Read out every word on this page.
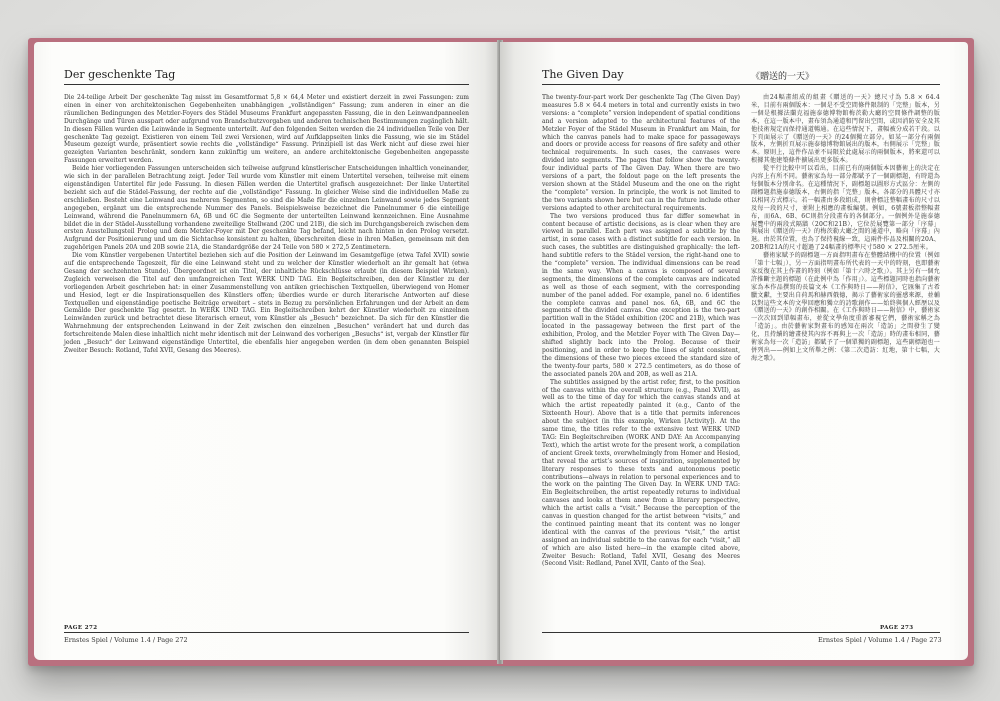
Der geschenkte Tag

Die 24-teilige Arbeit Der geschenkte Tag misst im Gesamtformat 5,8 × 64,4 Meter und existiert derzeit in zwei Fassungen: zum einen in einer von architektonischen Gegebenheiten unabhängigen „vollständigen“ Fassung; zum anderen in einer an die räumlichen Bedingungen des Metzler-Foyers des Städel Museums Frankfurt angepassten Fassung, die in den Leinwandpanneelen Durchgänge und Türen ausspart oder aufgrund von Brandschutzvorgaben und anderen technischen Bestimmungen zugänglich hält. In diesen Fällen wurden die Leinwände in Segmente unterteilt. Auf den folgenden Seiten werden die 24 individuellen Teile von Der geschenkte Tag gezeigt. Existieren von einem Teil zwei Versionen, wird auf Aufklappseiten links die Fassung, wie sie im Städel Museum gezeigt wurde, präsentiert sowie rechts die „vollständige“ Fassung. Prinzipiell ist das Werk nicht auf diese zwei hier gezeigten Varianten beschränkt, sondern kann zukünftig um weitere, an andere architektonische Gegebenheiten angepasste Fassungen erweitert werden.

Beide hier vorliegenden Fassungen unterscheiden sich teilweise aufgrund künstlerischer Entscheidungen inhaltlich voneinander, wie sich in der parallelen Betrachtung zeigt. Jeder Teil wurde vom Künstler mit einem Untertitel versehen, teilweise mit einem eigenständigen Untertitel für jede Fassung. In diesen Fällen werden die Untertitel grafisch ausgezeichnet: Der linke Untertitel bezieht sich auf die Städel-Fassung, der rechte auf die „vollständige“ Fassung. In gleicher Weise sind die individuellen Maße zu erschließen. Besteht eine Leinwand aus mehreren Segmenten, so sind die Maße für die einzelnen Leinwand sowie jedes Segment angegeben, ergänzt um die entsprechende Nummer des Panels. Beispielsweise bezeichnet die Panelnummer 6 die einteilige Leinwand, während die Panelnummern 6A, 6B und 6C die Segmente der unterteilten Leinwand kennzeichnen. Eine Ausnahme bildet die in der Städel-Ausstellung vorhandene zweiteilige Stellwand (20C und 21B), die sich im Durchgangsbereich zwischen dem ersten Ausstellungsteil Prolog und dem Metzler-Foyer mit Der geschenkte Tag befand, leicht nach hinten in den Prolog versetzt. Aufgrund der Positionierung und um die Sichtachse konsistent zu halten, überschreiten diese in ihren Maßen, gemeinsam mit den zugehörigen Panels 20A und 20B sowie 21A, die Standardgröße der 24 Teile von 580 × 272,5 Zentimetern.

Die vom Künstler vergebenen Untertitel beziehen sich auf die Position der Leinwand im Gesamtgefüge (etwa Tafel XVII) sowie auf die entsprechende Tageszeit, für die eine Leinwand steht und zu welcher der Künstler wiederholt an ihr gemalt hat (etwa Gesang der sechzehnten Stunde). Übergeordnet ist ein Titel, der inhaltliche Rückschlüsse erlaubt (in diesem Beispiel Wirken). Zugleich verweisen die Titel auf den umfangreichen Text WERK UND TAG. Ein Begleitschreiben, den der Künstler zu der vorliegenden Arbeit geschrieben hat: in einer Zusammenstellung von antiken griechischen Textquellen, überwiegend von Homer und Hesiod, legt er die Inspirationsquellen des Künstlers offen; überdies wurde er durch literarische Antworten auf diese Textquellen und eigenständige poetische Beiträge erweitert – stets in Bezug zu persönlichen Erfahrungen und der Arbeit an dem Gemälde Der geschenkte Tag gesetzt. In WERK UND TAG. Ein Begleitschreiben kehrt der Künstler wiederholt zu einzelnen Leinwänden zurück und betrachtet diese literarisch erneut, vom Künstler als „Besuch“ bezeichnet. Da sich für den Künstler die Wahrnehmung der entsprechenden Leinwand in der Zeit zwischen den einzelnen „Besuchen“ verändert hat und durch das fortschreitende Malen diese inhaltlich nicht mehr identisch mit der Leinwand des vorherigen „Besuchs“ ist, vergab der Künstler für jeden „Besuch“ der Leinwand eigenständige Untertitel, die ebenfalls hier angegeben werden (in dem oben genannten Beispiel Zweiter Besuch: Rotland, Tafel XVII, Gesang des Meeres).

PAGE 272
Ernstes Spiel / Volume 1.4 / Page 272
The Given Day	《贈送的一天》

The twenty-four-part work Der geschenkte Tag (The Given Day) measures 5.8 × 64.4 meters in total and currently exists in two versions: a “complete” version independent of spatial conditions and a version adapted to the architectural features of the Metzler Foyer of the Städel Museum in Frankfurt am Main, for which the canvas panels had to make space for passageways and doors or provide access for reasons of fire safety and other technical requirements. In such cases, the canvases were divided into segments. The pages that follow show the twenty-four individual parts of The Given Day. When there are two versions of a part, the foldout page on the left presents the version shown at the Städel Museum and the one on the right the “complete” version. In principle, the work is not limited to the two variants shown here but can in the future include other versions adapted to other architectural requirements.

The two versions produced thus far differ somewhat in content because of artistic decisions, as is clear when they are viewed in parallel. Each part was assigned a subtitle by the artist, in some cases with a distinct subtitle for each version. In such cases, the subtitles are distinguished graphically: the left-hand subtitle refers to the Städel version, the right-hand one to the “complete” version. The individual dimensions can be read in the same way. When a canvas is composed of several segments, the dimensions of the complete canvas are indicated as well as those of each segment, with the corresponding number of the panel added. For example, panel no. 6 identifies the complete canvas and panel nos. 6A, 6B, and 6C the segments of the divided canvas. One exception is the two-part partition wall in the Städel exhibition (20C and 21B), which was located in the passageway between the first part of the exhibition, Prolog, and the Metzler Foyer with The Given Day—shifted slightly back into the Prolog. Because of their positioning, and in order to keep the lines of sight consistent, the dimensions of these two pieces exceed the standard size of the twenty-four parts, 580 × 272.5 centimeters, as do those of the associated panels 20A and 20B, as well as 21A.

The subtitles assigned by the artist refer, first, to the position of the canvas within the overall structure (e.g., Panel XVII), as well as to the time of day for which the canvas stands and at which the artist repeatedly painted it (e.g., Canto of the Sixteenth Hour). Above that is a title that permits inferences about the subject (in this example, Wirken [Activity]). At the same time, the titles refer to the extensive text WERK UND TAG: Ein Begleitschreiben (WORK AND DAY: An Accompanying Text), which the artist wrote for the present work, a compilation of ancient Greek texts, overwhelmingly from Homer and Hesiod, that reveal the artist’s sources of inspiration, supplemented by literary responses to these texts and autonomous poetic contributions—always in relation to personal experiences and to the work on the painting The Given Day. In WERK UND TAG: Ein Begleitschreiben, the artist repeatedly returns to individual canvases and looks at them anew from a literary perspective, which the artist calls a “visit.” Because the perception of the canvas in question changed for the artist between “visits,” and the continued painting meant that its content was no longer identical with the canvas of the previous “visit,” the artist assigned an individual subtitle to the canvas for each “visit,” all of which are also listed here—in the example cited above, Zweiter Besuch: Rotland, Tafel XVII, Gesang des Meeres (Second Visit: Redland, Panel XVII, Canto of the Sea).

由24幅畫組成的組畫《贈送的一天》總尺寸為 5.8 × 64.4 米，目前有兩個版本：一個是不受空間條件限制的「完整」版本，另一個是根據法蘭克福施泰德博物館梅茨勒大廳的空間條件調整的版本，在這一版本中，畫布須為通道和門留出空間，或因消防安全及其他技術規定而保持通道暢通。在這些情況下，畫幅被分成若干段。以下頁面展示了《贈送的一天》的24個獨立部分。如某一部分有兩個版本，左側折頁展示施泰德博物館展出的版本，右側展示「完整」版本。原則上，這件作品並不局限於此處展示的兩個版本，將來還可以根據其他建築條件擴展出更多版本。

從平行比較中可以看出，目前已有的兩個版本因藝術上的決定在內容上有所不同。藝術家為每一部分都賦予了一個副標題，有時還為每個版本分別命名。在這種情況下，副標題以圖形方式區分：左側的副標題指施泰德版本，右側的指「完整」版本。各部分的具體尺寸亦以相同方式標示。若一幅畫由多段組成，則會標註整幅畫布的尺寸以及每一段的尺寸，並附上相應的畫板編號。例如，6號畫板指整幅畫布，而6A、6B、6C則指分段畫布的各個部分。一個例外是施泰德展覽中的兩段式隔牆（20C和21B），它位於展覽第一部分「序幕」與展出《贈送的一天》的梅茨勒大廳之間的通道中，略向「序幕」內退。由於其位置，也為了保持視線一致，這兩件作品及相關的20A、20B和21A的尺寸超過了24幅畫的標準尺寸580 × 272.5厘米。

藝術家賦予的副標題一方面指明畫布在整體結構中的位置（例如「第十七幅」），另一方面指明畫布所代表的一天中的時刻，也即藝術家反復在其上作畫的時刻（例如「第十六時之歌」）。其上另有一個允許推斷主題的標題（在此例中為「作用」）。這些標題同時也指向藝術家為本作品撰寫的長篇文本《工作與時日——附信》，它匯集了古希臘文獻，主要出自荷馬和赫西俄德，揭示了藝術家的靈感來源，並輔以對這些文本的文學回應和獨立的詩歌創作——始終與個人經歷以及《贈送的一天》的創作相關。在《工作與時日——附信》中，藝術家一次次回到單幅畫布，並從文學角度重新審視它們，藝術家稱之為「造訪」。由於藝術家對畫布的感知在兩次「造訪」之間發生了變化，且持續的繪畫使其內容不再與上一次「造訪」時的畫布相同，藝術家為每一次「造訪」都賦予了一個單獨的副標題，這些副標題也一併列出——例如上文所舉之例：《第二次造訪：紅地，第十七幅，大海之歌》。

PAGE 273
Ernstes Spiel / Volume 1.4 / Page 273
